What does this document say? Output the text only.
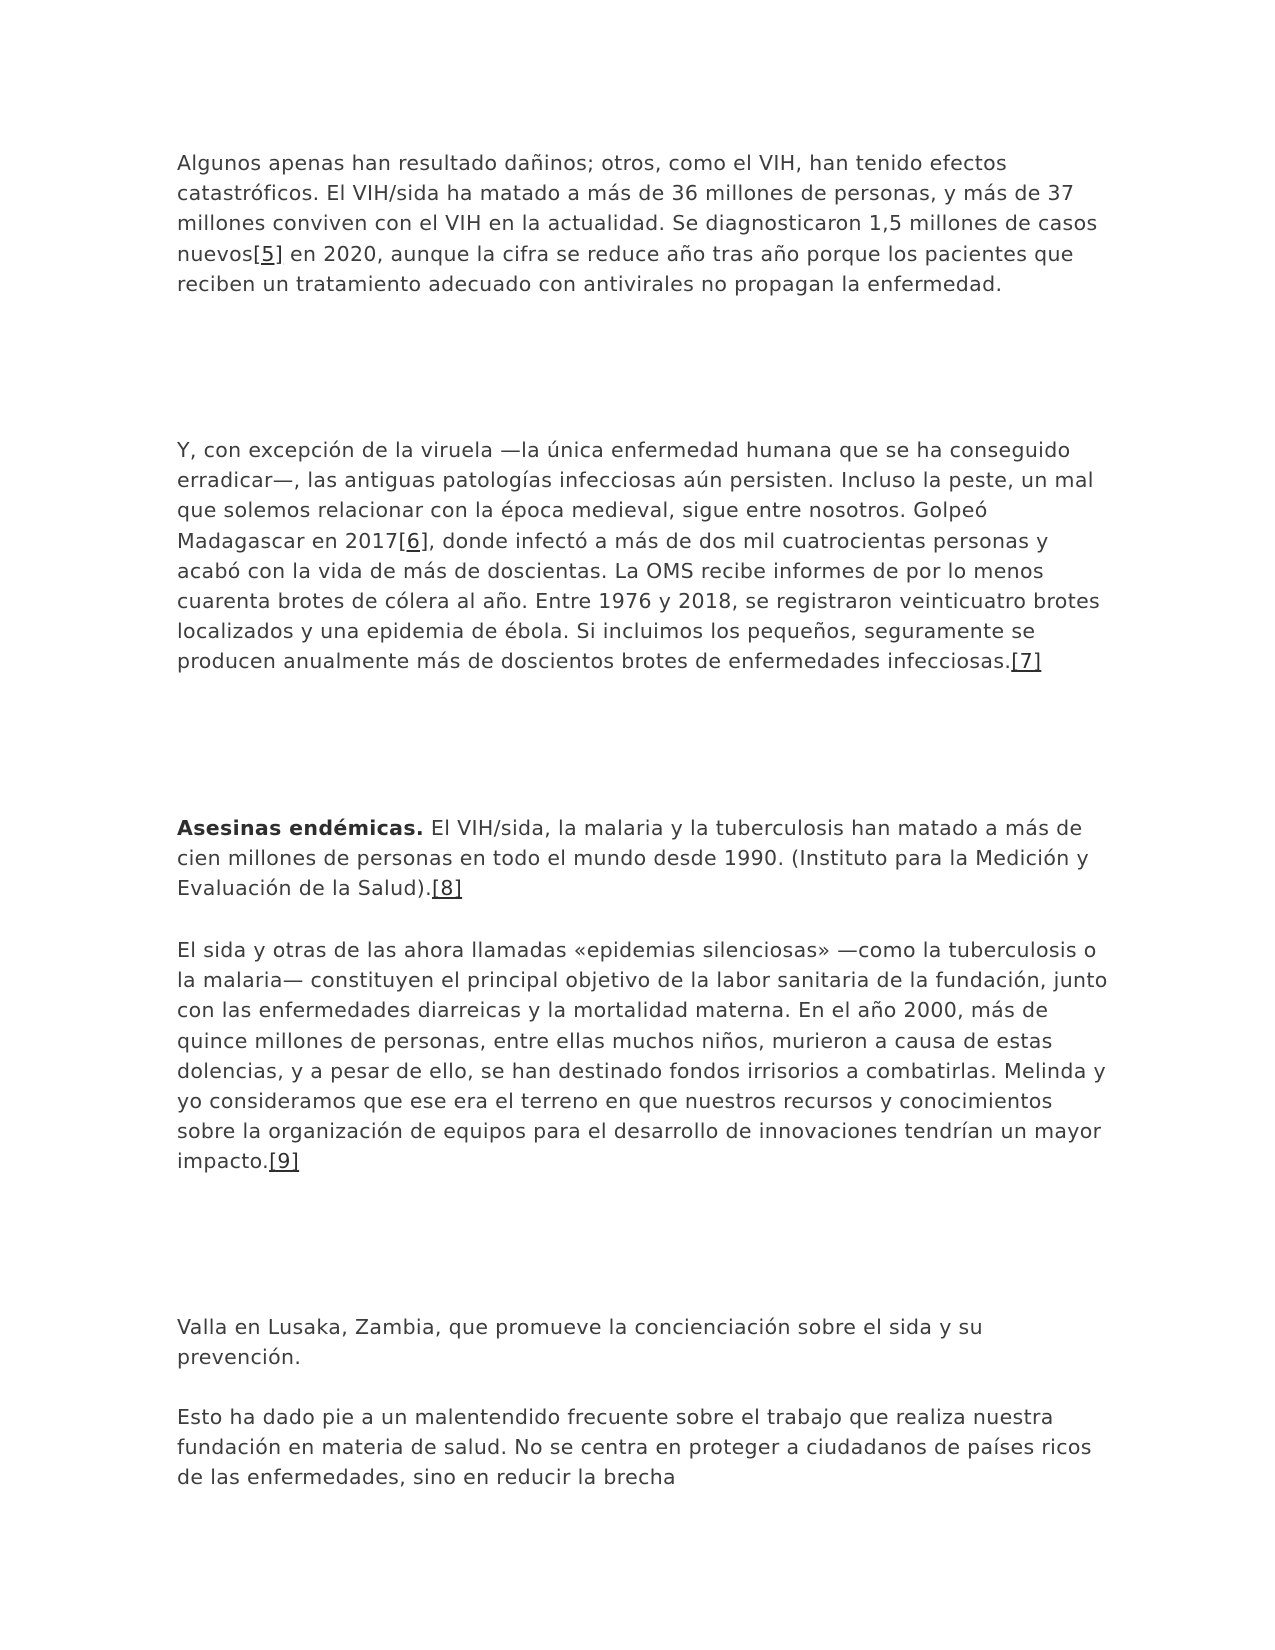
Algunos apenas han resultado dañinos; otros, como el VIH, han tenido efectos catastróficos. El VIH/sida ha matado a más de 36 millones de personas, y más de 37 millones conviven con el VIH en la actualidad. Se diagnosticaron 1,5 millones de casos nuevos[5] en 2020, aunque la cifra se reduce año tras año porque los pacientes que reciben un tratamiento adecuado con antivirales no propagan la enfermedad.

Y, con excepción de la viruela —la única enfermedad humana que se ha conseguido erradicar—, las antiguas patologías infecciosas aún persisten. Incluso la peste, un mal que solemos relacionar con la época medieval, sigue entre nosotros. Golpeó Madagascar en 2017[6], donde infectó a más de dos mil cuatrocientas personas y acabó con la vida de más de doscientas. La OMS recibe informes de por lo menos cuarenta brotes de cólera al año. Entre 1976 y 2018, se registraron veinticuatro brotes localizados y una epidemia de ébola. Si incluimos los pequeños, seguramente se producen anualmente más de doscientos brotes de enfermedades infecciosas.[7]

Asesinas endémicas. El VIH/sida, la malaria y la tuberculosis han matado a más de cien millones de personas en todo el mundo desde 1990. (Instituto para la Medición y Evaluación de la Salud).[8]

El sida y otras de las ahora llamadas «epidemias silenciosas» —como la tuberculosis o la malaria— constituyen el principal objetivo de la labor sanitaria de la fundación, junto con las enfermedades diarreicas y la mortalidad materna. En el año 2000, más de quince millones de personas, entre ellas muchos niños, murieron a causa de estas dolencias, y a pesar de ello, se han destinado fondos irrisorios a combatirlas. Melinda y yo consideramos que ese era el terreno en que nuestros recursos y conocimientos sobre la organización de equipos para el desarrollo de innovaciones tendrían un mayor impacto.[9]

Valla en Lusaka, Zambia, que promueve la concienciación sobre el sida y su prevención.

Esto ha dado pie a un malentendido frecuente sobre el trabajo que realiza nuestra fundación en materia de salud. No se centra en proteger a ciudadanos de países ricos de las enfermedades, sino en reducir la brecha
